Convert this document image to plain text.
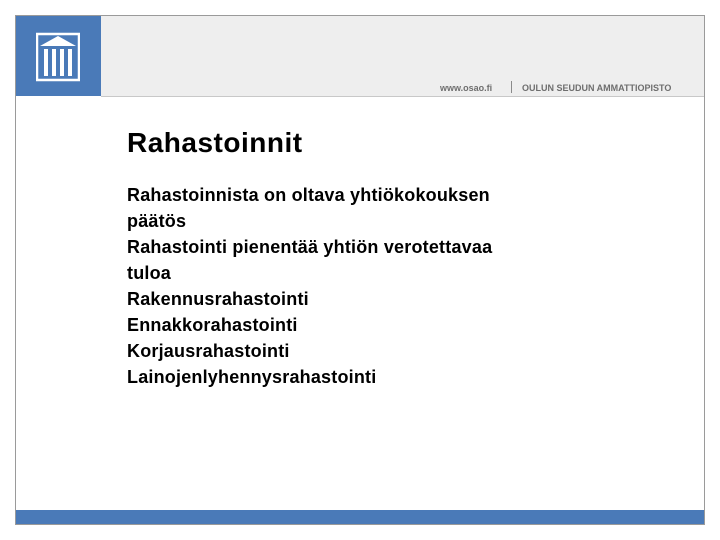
www.osao.fi	OULUN SEUDUN AMMATTIOPISTO
Rahastoinnit
Rahastoinnista on oltava yhtiökokouksen
päätös
Rahastointi pienentää yhtiön verotettavaa
tuloa
Rakennusrahastointi
Ennakkorahastointi
Korjausrahastointi
Lainojenlyhennysrahastointi
